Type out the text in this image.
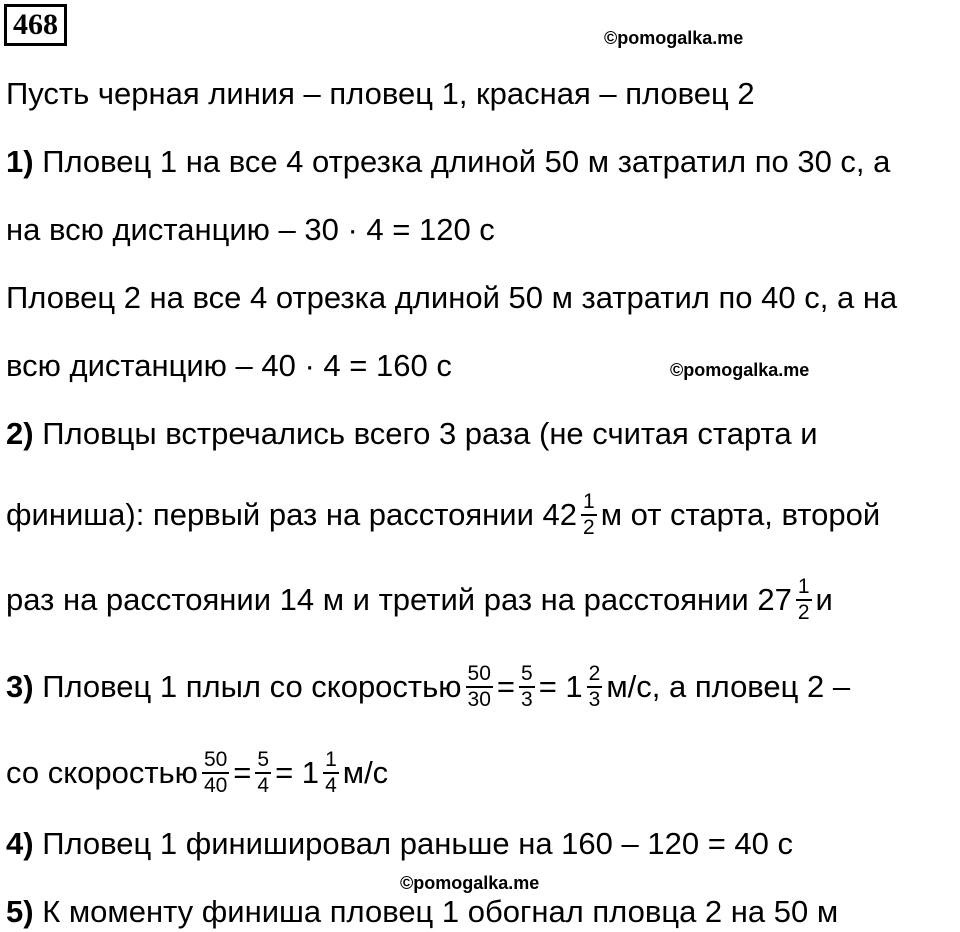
468	©pomogalka.me
©pomogalka.me
©pomogalka.me
Пусть черная линия – пловец 1, красная – пловец 2
1) Пловец 1 на все 4 отрезка длиной 50 м затратил по 30 с, а
на всю дистанцию – 30 · 4 = 120 с
Пловец 2 на все 4 отрезка длиной 50 м затратил по 40 с, а на
всю дистанцию – 40 · 4 = 160 с
2) Пловцы встречались всего 3 раза (не считая старта и
финиша): первый раз на расстоянии $42 \frac{1}{2}$ м от старта, второй
раз на расстоянии 14 м и третий раз на расстоянии $27 \frac{1}{2}$ и
3) Пловец 1 плыл со скоростью $\frac{50}{30} = \frac{5}{3} = 1 \frac{2}{3} м/с$, а пловец 2 –
со скоростью $\frac{50}{40} = \frac{5}{4} = 1 \frac{1}{4} м/с$
4) Пловец 1 финишировал раньше на 160 – 120 = 40 с
5) К моменту финиша пловец 1 обогнал пловца 2 на 50 м
